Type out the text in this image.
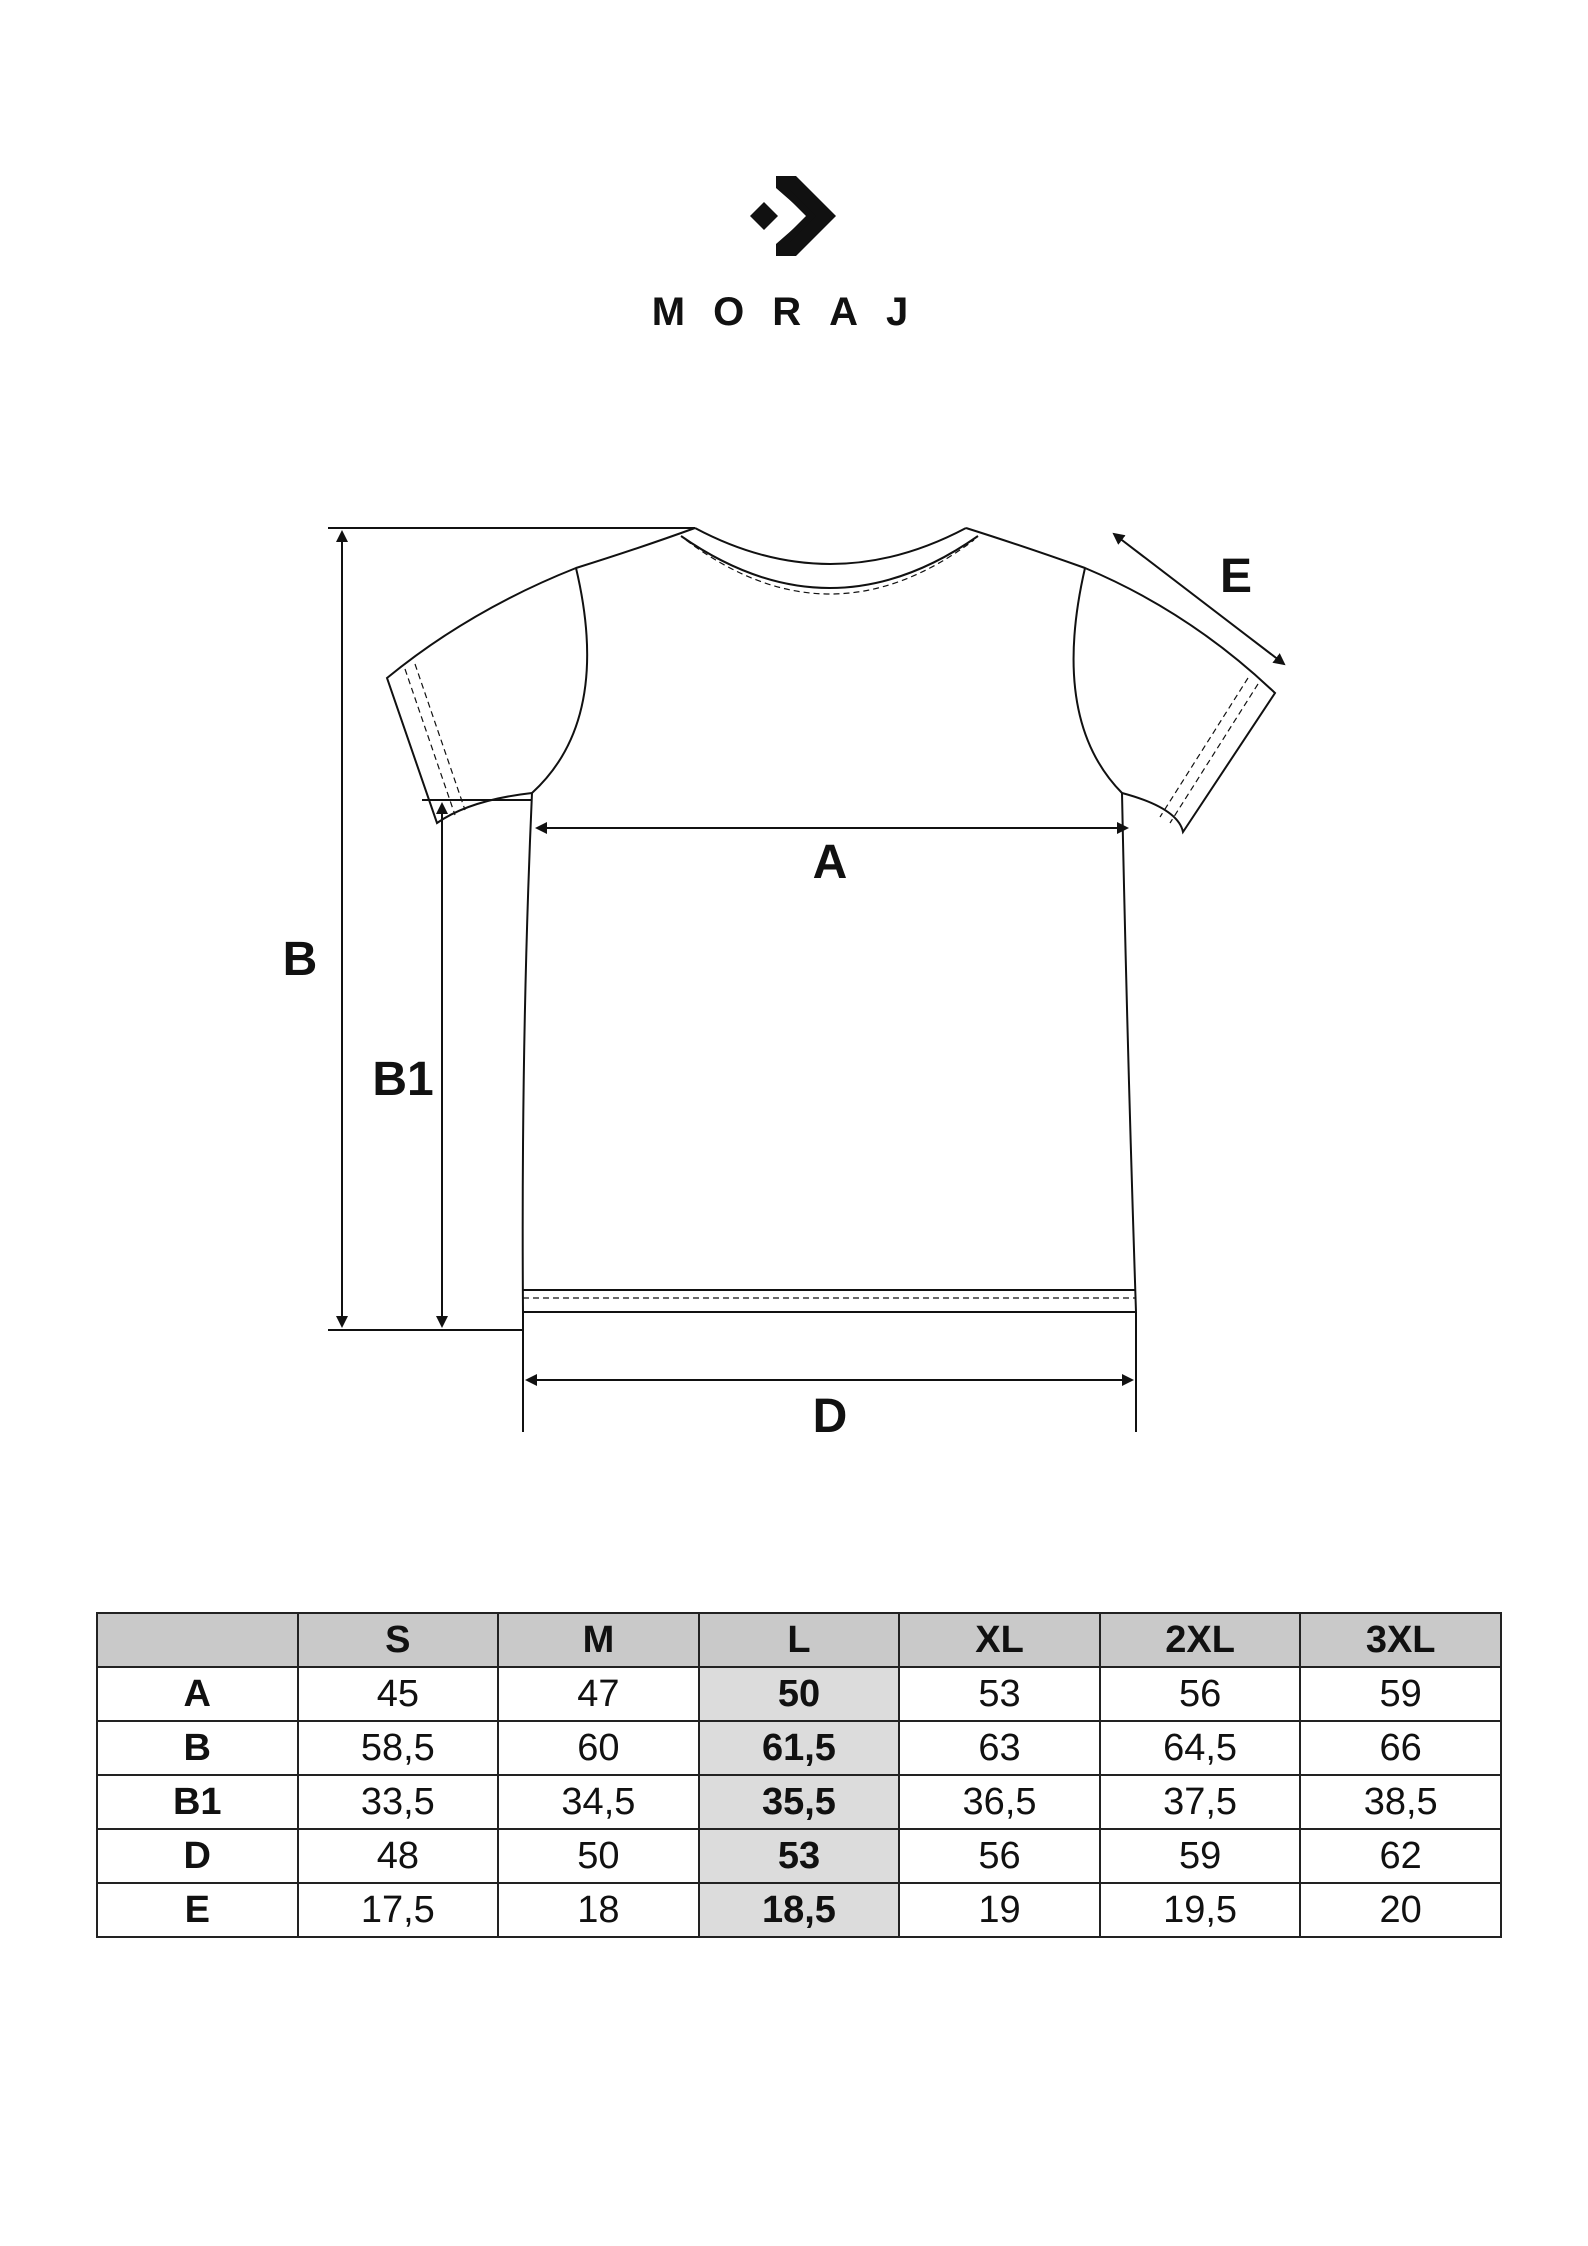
MORAJ
B
B1
A
D
E
	S	M	L	XL	2XL	3XL
A	45	47	50	53	56	59
B	58,5	60	61,5	63	64,5	66
B1	33,5	34,5	35,5	36,5	37,5	38,5
D	48	50	53	56	59	62
E	17,5	18	18,5	19	19,5	20
